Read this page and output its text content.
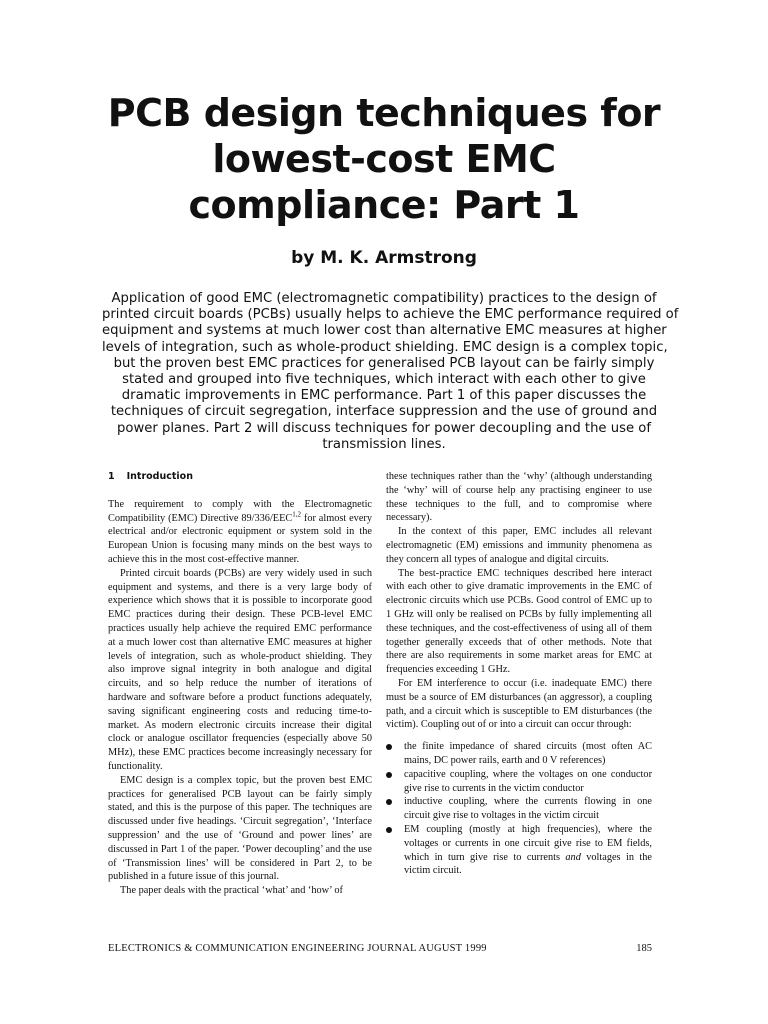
PCB design techniques for
lowest-cost EMC
compliance: Part 1
by M. K. Armstrong
Application of good EMC (electromagnetic compatibility) practices to the design of
printed circuit boards (PCBs) usually helps to achieve the EMC performance required of
equipment and systems at much lower cost than alternative EMC measures at higher
levels of integration, such as whole-product shielding. EMC design is a complex topic,
but the proven best EMC practices for generalised PCB layout can be fairly simply
stated and grouped into five techniques, which interact with each other to give
dramatic improvements in EMC performance. Part 1 of this paper discusses the
techniques of circuit segregation, interface suppression and the use of ground and
power planes. Part 2 will discuss techniques for power decoupling and the use of
transmission lines.
1 Introduction

The requirement to comply with the Electromagnetic Compatibility (EMC) Directive 89/336/EEC$^{1,2}$ for almost every electrical and/or electronic equipment or system sold in the European Union is focusing many minds on the best ways to achieve this in the most cost-effective manner.

Printed circuit boards (PCBs) are very widely used in such equipment and systems, and there is a very large body of experience which shows that it is possible to incorporate good EMC practices during their design. These PCB-level EMC practices usually help achieve the required EMC performance at a much lower cost than alternative EMC measures at higher levels of integration, such as whole-product shielding. They also improve signal integrity in both analogue and digital circuits, and so help reduce the number of iterations of hardware and software before a product functions adequately, saving significant engineering costs and reducing time-to-market. As modern electronic circuits increase their digital clock or analogue oscillator frequencies (especially above 50 MHz), these EMC practices become increasingly necessary for functionality.

EMC design is a complex topic, but the proven best EMC practices for generalised PCB layout can be fairly simply stated, and this is the purpose of this paper. The techniques are discussed under five headings. ‘Circuit segregation’, ‘Interface suppression’ and the use of ‘Ground and power lines’ are discussed in Part 1 of the paper. ‘Power decoupling’ and the use of ‘Transmission lines’ will be considered in Part 2, to be published in a future issue of this journal.

The paper deals with the practical ‘what’ and ‘how’ of

these techniques rather than the ‘why’ (although understanding the ‘why’ will of course help any practising engineer to use these techniques to the full, and to compromise where necessary).

In the context of this paper, EMC includes all relevant electromagnetic (EM) emissions and immunity phenomena as they concern all types of analogue and digital circuits.

The best-practice EMC techniques described here interact with each other to give dramatic improvements in the EMC of electronic circuits which use PCBs. Good control of EMC up to 1 GHz will only be realised on PCBs by fully implementing all these techniques, and the cost-effectiveness of using all of them together generally exceeds that of other methods. Note that there are also requirements in some market areas for EMC at frequencies exceeding 1 GHz.

For EM interference to occur (i.e. inadequate EMC) there must be a source of EM disturbances (an aggressor), a coupling path, and a circuit which is susceptible to EM disturbances (the victim). Coupling out of or into a circuit can occur through:

the finite impedance of shared circuits (most often AC mains, DC power rails, earth and 0 V references)
capacitive coupling, where the voltages on one conductor give rise to currents in the victim conductor
inductive coupling, where the currents flowing in one circuit give rise to voltages in the victim circuit
EM coupling (mostly at high frequencies), where the voltages or currents in one circuit give rise to EM fields, which in turn give rise to currents and voltages in the victim circuit.
ELECTRONICS & COMMUNICATION ENGINEERING JOURNAL AUGUST 1999	185
